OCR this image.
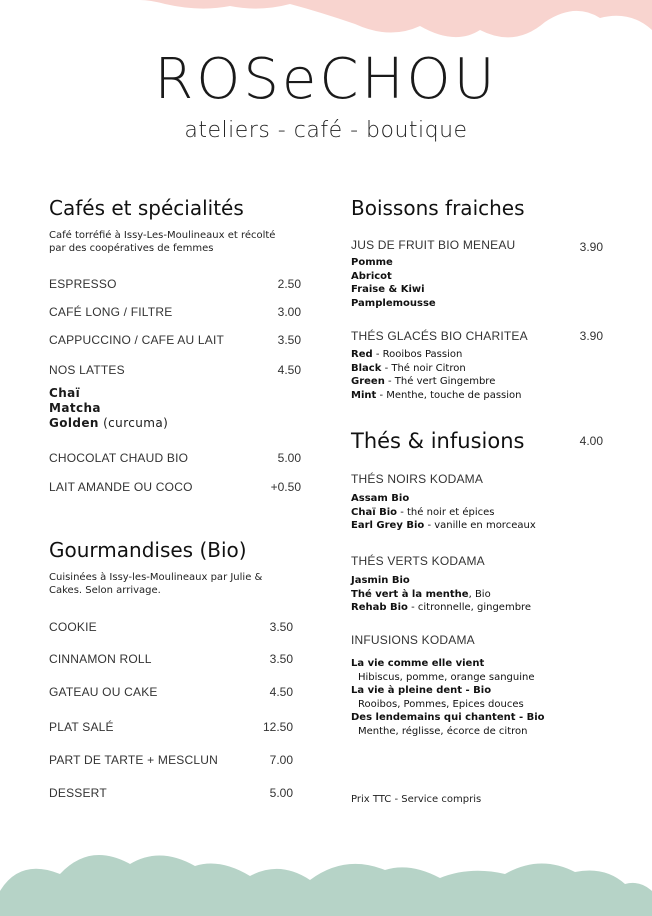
ROSeCHOU
ateliers - café - boutique
Cafés et spécialités
Café torréfié à Issy-Les-Moulineaux et récolté par des coopératives de femmes
ESPRESSO	2.50
CAFÉ LONG / FILTRE	3.00
CAPPUCCINO / CAFE AU LAIT	3.50
NOS LATTES	4.50
Chaï
Matcha
Golden (curcuma)
CHOCOLAT CHAUD BIO	5.00
LAIT AMANDE OU COCO	+0.50
Gourmandises (Bio)
Cuisinées à Issy-les-Moulineaux par Julie & Cakes. Selon arrivage.
COOKIE	3.50
CINNAMON ROLL	3.50
GATEAU OU CAKE	4.50
PLAT SALÉ	12.50
PART DE TARTE + MESCLUN	7.00
DESSERT	5.00
Boissons fraiches
JUS DE FRUIT BIO MENEAU	3.90
Pomme
Abricot
Fraise & Kiwi
Pamplemousse
THÉS GLACÉS BIO CHARITEA	3.90
Red - Rooibos Passion
Black - Thé noir Citron
Green - Thé vert Gingembre
Mint - Menthe, touche de passion
Thés & infusions	4.00
THÉS NOIRS KODAMA
Assam Bio
Chaï Bio - thé noir et épices
Earl Grey Bio - vanille en morceaux
THÉS VERTS KODAMA
Jasmin Bio
Thé vert à la menthe, Bio
Rehab Bio - citronnelle, gingembre
INFUSIONS KODAMA
La vie comme elle vient
Hibiscus, pomme, orange sanguine
La vie à pleine dent - Bio
Rooibos, Pommes, Epices douces
Des lendemains qui chantent - Bio
Menthe, réglisse, écorce de citron
Prix TTC - Service compris
